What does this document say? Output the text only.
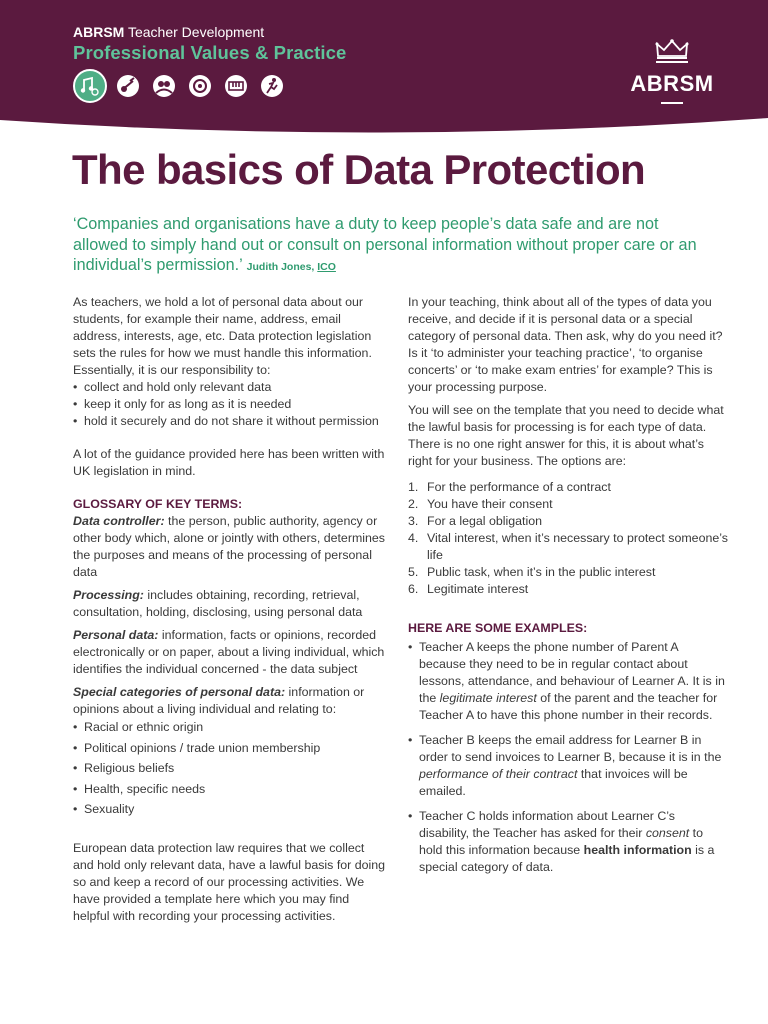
ABRSM Teacher Development
Professional Values & Practice
ABRSM
The basics of Data Protection

‘Companies and organisations have a duty to keep people’s data safe and are not allowed to simply hand out or consult on personal information without proper care or an individual’s permission.’ Judith Jones, ICO

As teachers, we hold a lot of personal data about our students, for example their name, address, email address, interests, age, etc. Data protection legislation sets the rules for how we must handle this information. Essentially, it is our responsibility to:

• collect and hold only relevant data
• keep it only for as long as it is needed
• hold it securely and do not share it without permission

A lot of the guidance provided here has been written with UK legislation in mind.

GLOSSARY OF KEY TERMS:

Data controller: the person, public authority, agency or other body which, alone or jointly with others, determines the purposes and means of the processing of personal data

Processing: includes obtaining, recording, retrieval, consultation, holding, disclosing, using personal data

Personal data: information, facts or opinions, recorded electronically or on paper, about a living individual, which identifies the individual concerned - the data subject

Special categories of personal data: information or opinions about a living individual and relating to:

• Racial or ethnic origin
• Political opinions / trade union membership
• Religious beliefs
• Health, specific needs
• Sexuality

European data protection law requires that we collect and hold only relevant data, have a lawful basis for doing so and keep a record of our processing activities. We have provided a template here which you may find helpful with recording your processing activities.

In your teaching, think about all of the types of data you receive, and decide if it is personal data or a special category of personal data. Then ask, why do you need it? Is it ‘to administer your teaching practice’, ‘to organise concerts’ or ‘to make exam entries’ for example? This is your processing purpose.

You will see on the template that you need to decide what the lawful basis for processing is for each type of data. There is no one right answer for this, it is about what’s right for your business. The options are:

1. For the performance of a contract
2. You have their consent
3. For a legal obligation
4. Vital interest, when it’s necessary to protect someone’s life
5. Public task, when it’s in the public interest
6. Legitimate interest

HERE ARE SOME EXAMPLES:

• Teacher A keeps the phone number of Parent A because they need to be in regular contact about lessons, attendance, and behaviour of Learner A. It is in the legitimate interest of the parent and the teacher for Teacher A to have this phone number in their records.
• Teacher B keeps the email address for Learner B in order to send invoices to Learner B, because it is in the performance of their contract that invoices will be emailed.
• Teacher C holds information about Learner C’s disability, the Teacher has asked for their consent to hold this information because health information is a special category of data.
